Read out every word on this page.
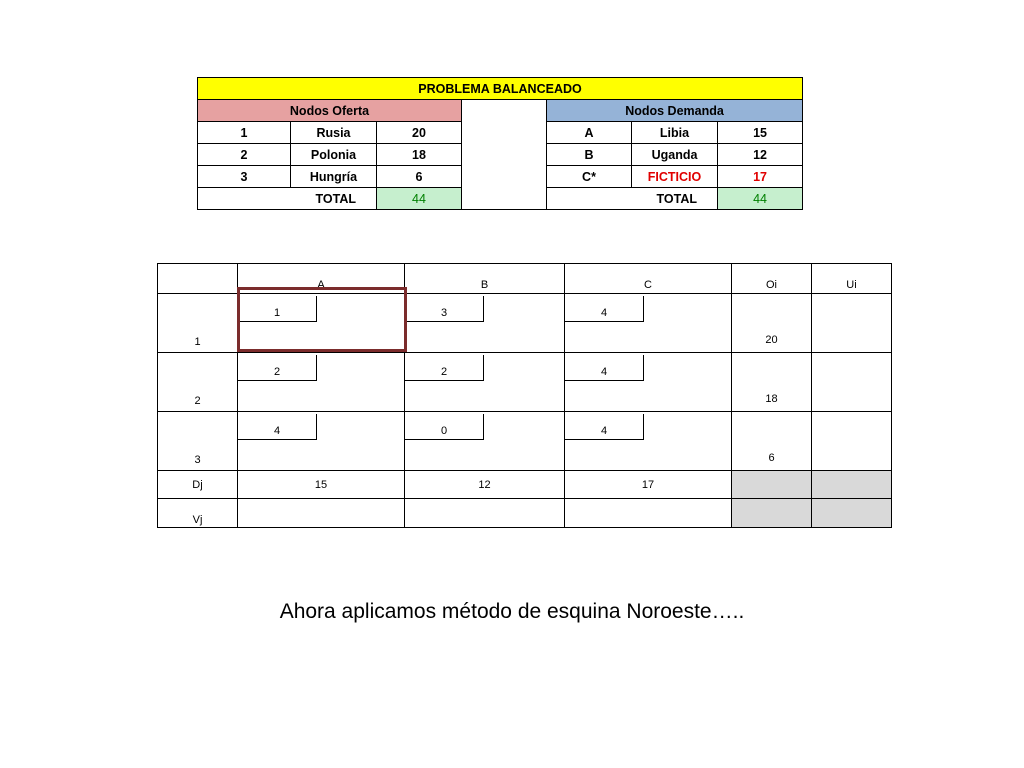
PROBLEMA BALANCEADO						
Nodos Oferta				Nodos Demanda		
1	Rusia	20		A	Libia	15
2	Polonia	18		B	Uganda	12
3	Hungría	6		C*	FICTICIO	17
TOTAL		44		TOTAL		44
	A	B	C	Oi	Ui
1	1	3	4	20	

2	2	2	4	18	

3	4	0	4	6	

Dj	15	12	17		
Vj					
Ahora aplicamos método de esquina Noroeste…..
